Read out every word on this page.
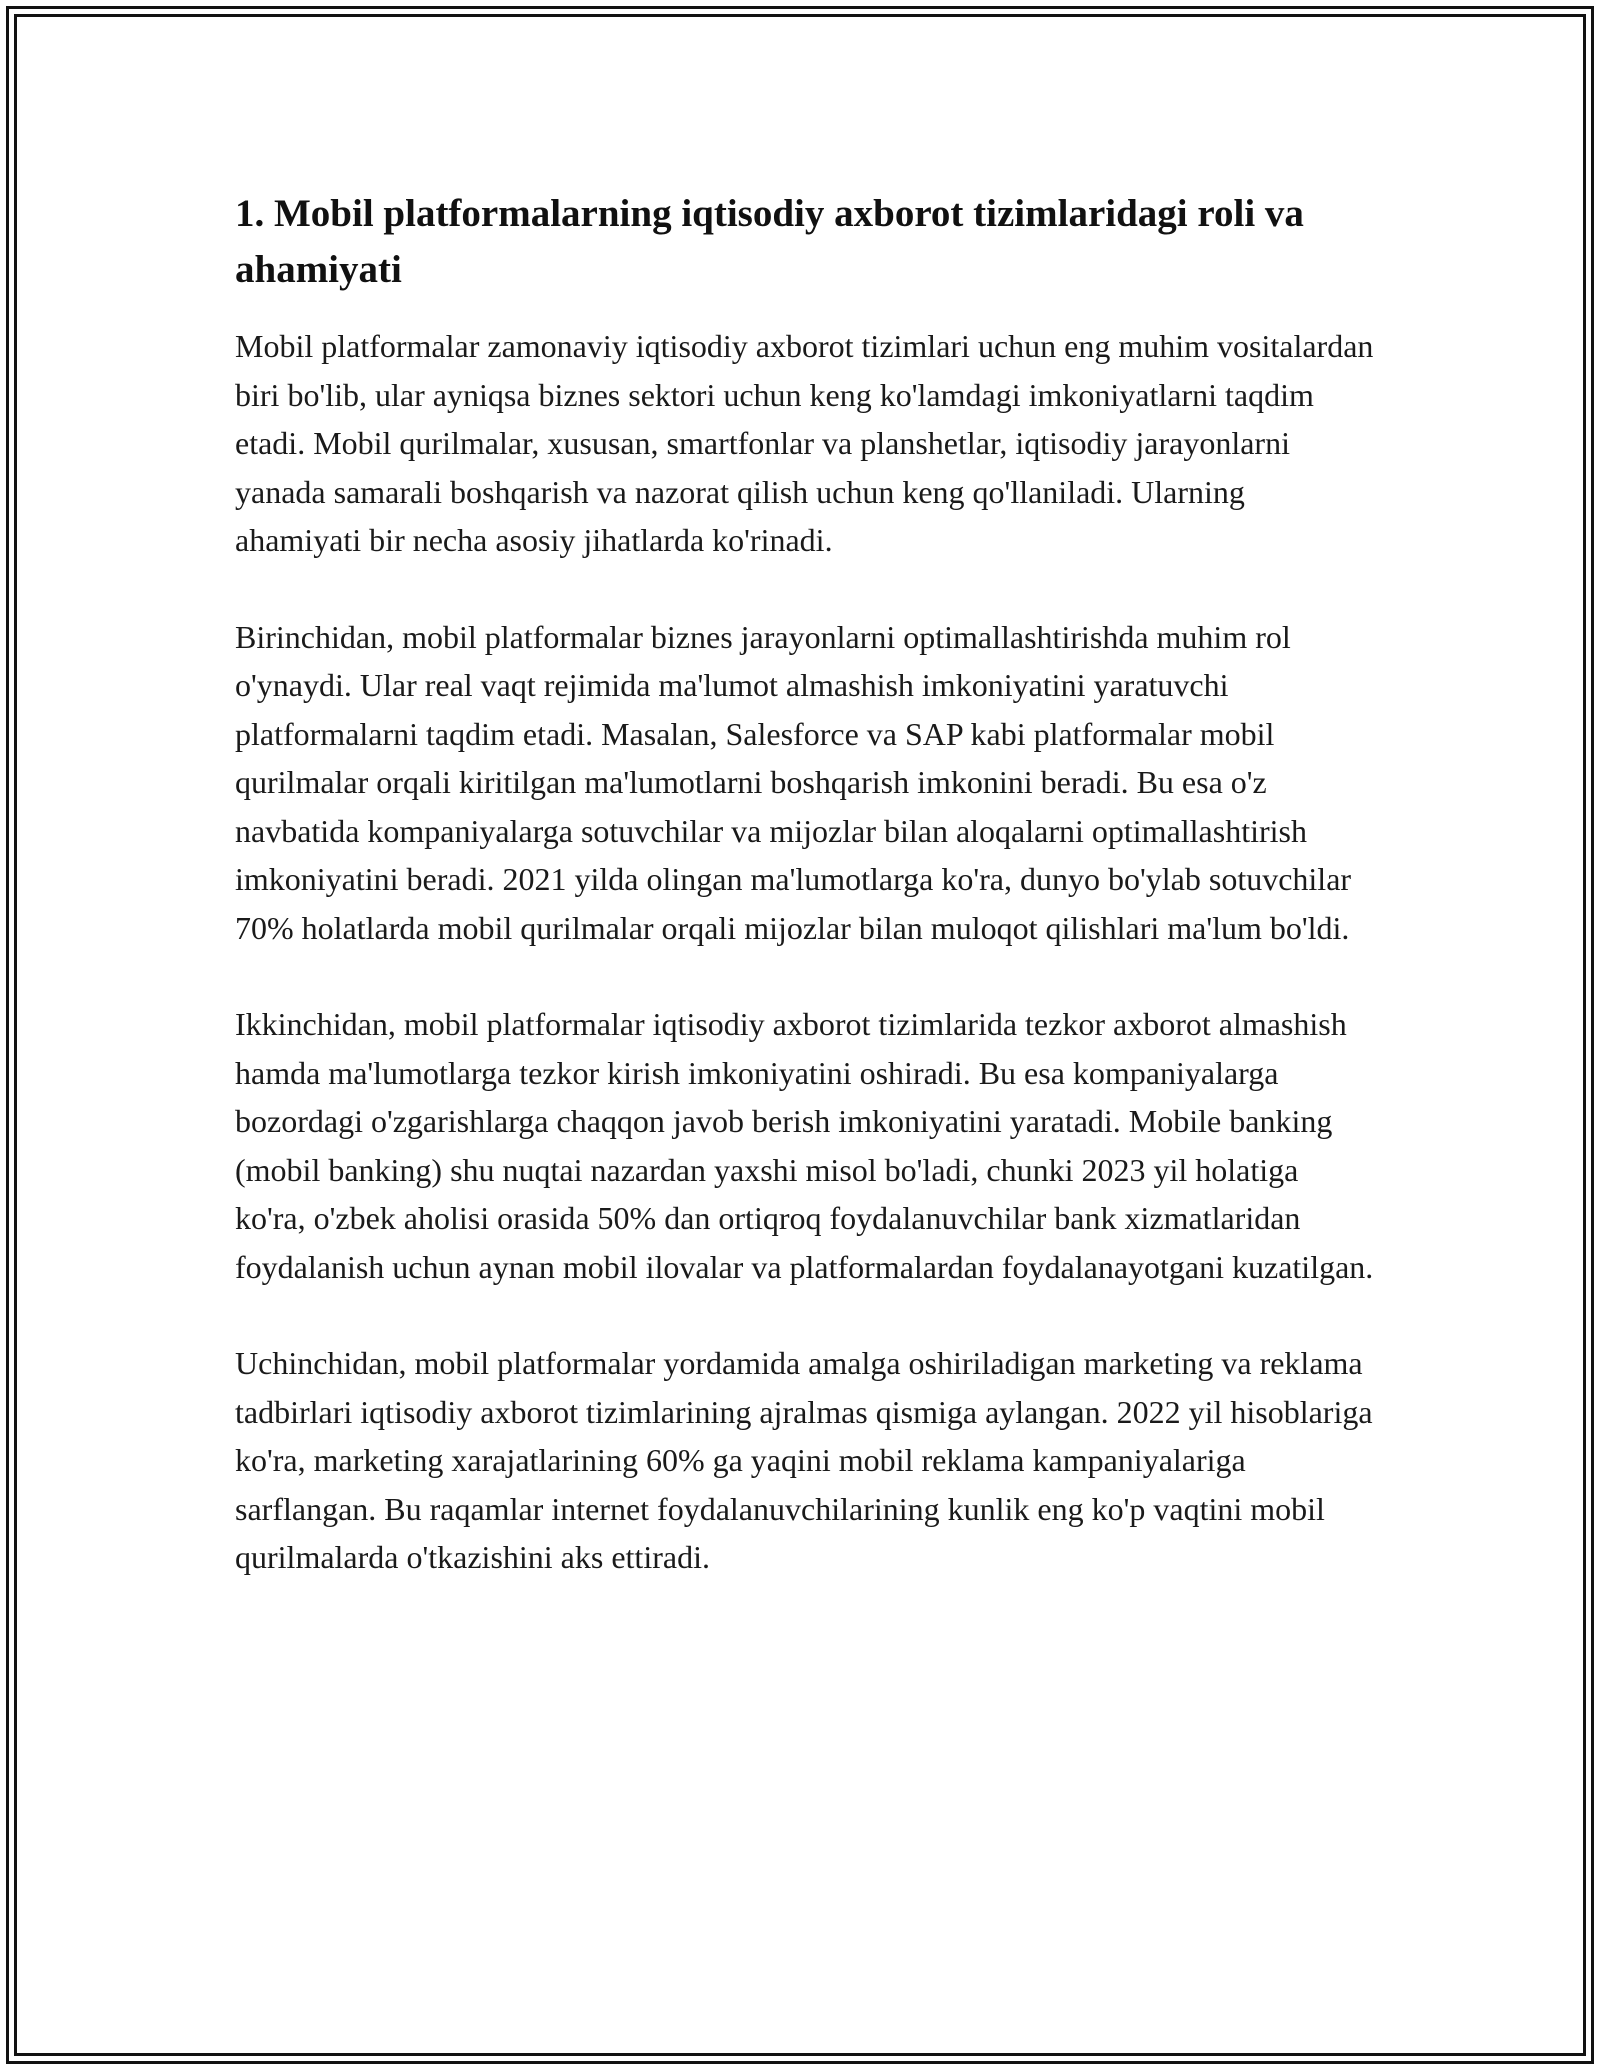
1. Mobil platformalarning iqtisodiy axborot tizimlaridagi roli va ahamiyati

Mobil platformalar zamonaviy iqtisodiy axborot tizimlari uchun eng muhim vositalardan biri bo'lib, ular ayniqsa biznes sektori uchun keng ko'lamdagi imkoniyatlarni taqdim etadi. Mobil qurilmalar, xususan, smartfonlar va planshetlar, iqtisodiy jarayonlarni yanada samarali boshqarish va nazorat qilish uchun keng qo'llaniladi. Ularning ahamiyati bir necha asosiy jihatlarda ko'rinadi.

Birinchidan, mobil platformalar biznes jarayonlarni optimallashtirishda muhim rol o'ynaydi. Ular real vaqt rejimida ma'lumot almashish imkoniyatini yaratuvchi platformalarni taqdim etadi. Masalan, Salesforce va SAP kabi platformalar mobil qurilmalar orqali kiritilgan ma'lumotlarni boshqarish imkonini beradi. Bu esa o'z navbatida kompaniyalarga sotuvchilar va mijozlar bilan aloqalarni optimallashtirish imkoniyatini beradi. 2021 yilda olingan ma'lumotlarga ko'ra, dunyo bo'ylab sotuvchilar 70% holatlarda mobil qurilmalar orqali mijozlar bilan muloqot qilishlari ma'lum bo'ldi.

Ikkinchidan, mobil platformalar iqtisodiy axborot tizimlarida tezkor axborot almashish hamda ma'lumotlarga tezkor kirish imkoniyatini oshiradi. Bu esa kompaniyalarga bozordagi o'zgarishlarga chaqqon javob berish imkoniyatini yaratadi. Mobile banking (mobil banking) shu nuqtai nazardan yaxshi misol bo'ladi, chunki 2023 yil holatiga ko'ra, o'zbek aholisi orasida 50% dan ortiqroq foydalanuvchilar bank xizmatlaridan foydalanish uchun aynan mobil ilovalar va platformalardan foydalanayotgani kuzatilgan.

Uchinchidan, mobil platformalar yordamida amalga oshiriladigan marketing va reklama tadbirlari iqtisodiy axborot tizimlarining ajralmas qismiga aylangan. 2022 yil hisoblariga ko'ra, marketing xarajatlarining 60% ga yaqini mobil reklama kampaniyalariga sarflangan. Bu raqamlar internet foydalanuvchilarining kunlik eng ko'p vaqtini mobil qurilmalarda o'tkazishini aks ettiradi.
